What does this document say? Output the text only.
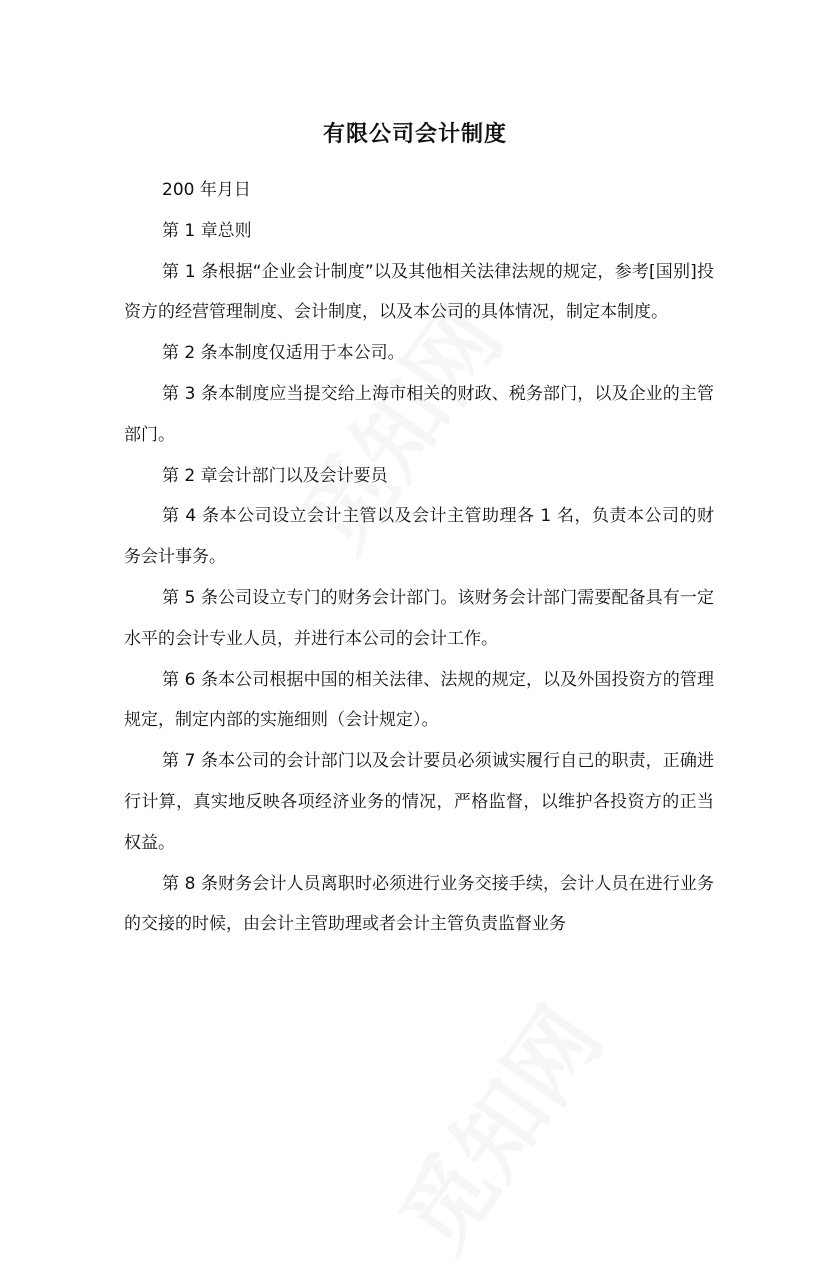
有限公司会计制度

200 年月日

第 1 章总则

第 1 条根据“企业会计制度”以及其他相关法律法规的规定，参考[国别]投资方的经营管理制度、会计制度，以及本公司的具体情况，制定本制度。

第 2 条本制度仅适用于本公司。

第 3 条本制度应当提交给上海市相关的财政、税务部门，以及企业的主管部门。

第 2 章会计部门以及会计要员

第 4 条本公司设立会计主管以及会计主管助理各 1 名，负责本公司的财务会计事务。

第 5 条公司设立专门的财务会计部门。该财务会计部门需要配备具有一定水平的会计专业人员，并进行本公司的会计工作。

第 6 条本公司根据中国的相关法律、法规的规定，以及外国投资方的管理规定，制定内部的实施细则（会计规定）。

第 7 条本公司的会计部门以及会计要员必须诚实履行自己的职责，正确进行计算，真实地反映各项经济业务的情况，严格监督，以维护各投资方的正当权益。

第 8 条财务会计人员离职时必须进行业务交接手续，会计人员在进行业务的交接的时候，由会计主管助理或者会计主管负责监督业务
